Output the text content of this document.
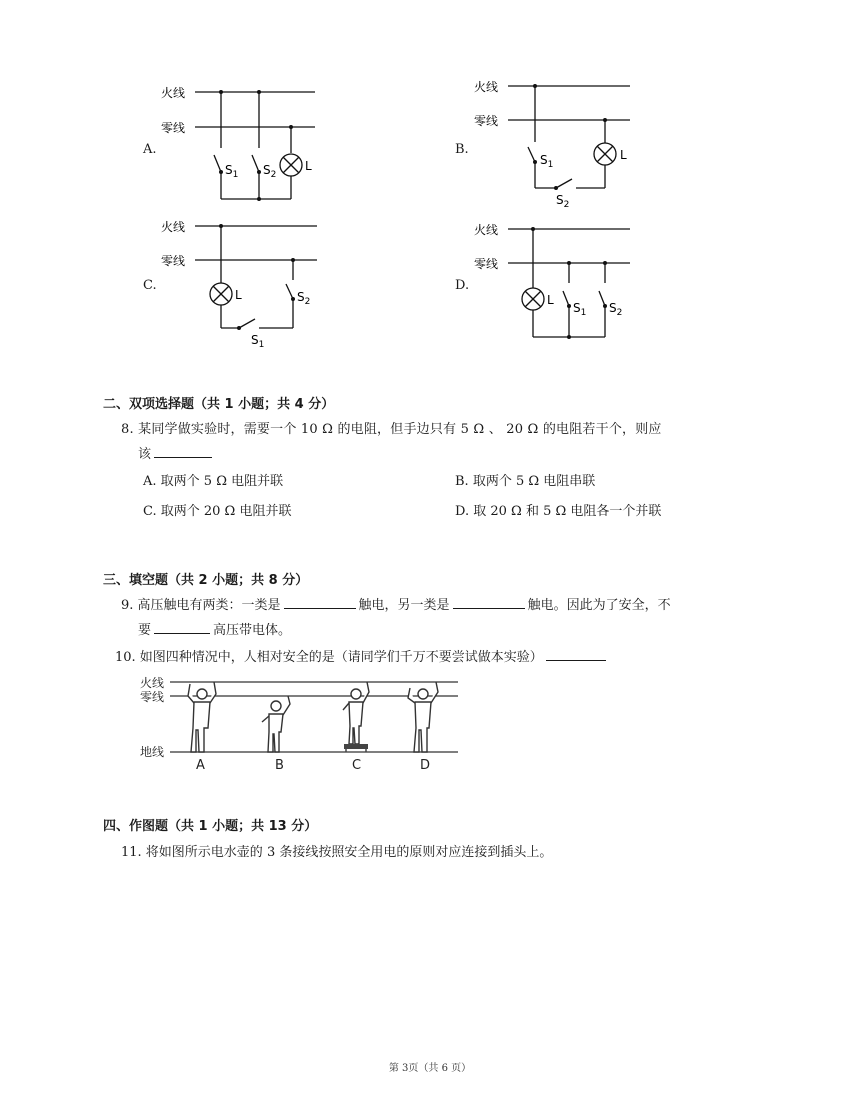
A.
火线
零线
$S_1$ $S_2$
L
B.
火线
零线
$S_1$
$S_2$
L
C.
火线
零线
L	$S_2$
$S_1$
D.
火线
零线
L
$S_1$ $S_2$
二、双项选择题（共 1 小题；共 4 分）
8. 某同学做实验时，需要一个 10 Ω 的电阻，但手边只有 5 Ω 、 20 Ω 的电阻若干个，则应
该
A. 取两个 5 Ω 电阻并联	B. 取两个 5 Ω 电阻串联
C. 取两个 20 Ω 电阻并联	D. 取 20 Ω 和 5 Ω 电阻各一个并联
三、填空题（共 2 小题；共 8 分）
9. 高压触电有两类：一类是	触电，另一类是	触电。因此为了安全，不
要	高压带电体。
10. 如图四种情况中，人相对安全的是（请同学们千万不要尝试做本实验）
火线
零线
地线
A	B	C	D
四、作图题（共 1 小题；共 13 分）
11. 将如图所示电水壶的 3 条接线按照安全用电的原则对应连接到插头上。
第 3页（共 6 页）
